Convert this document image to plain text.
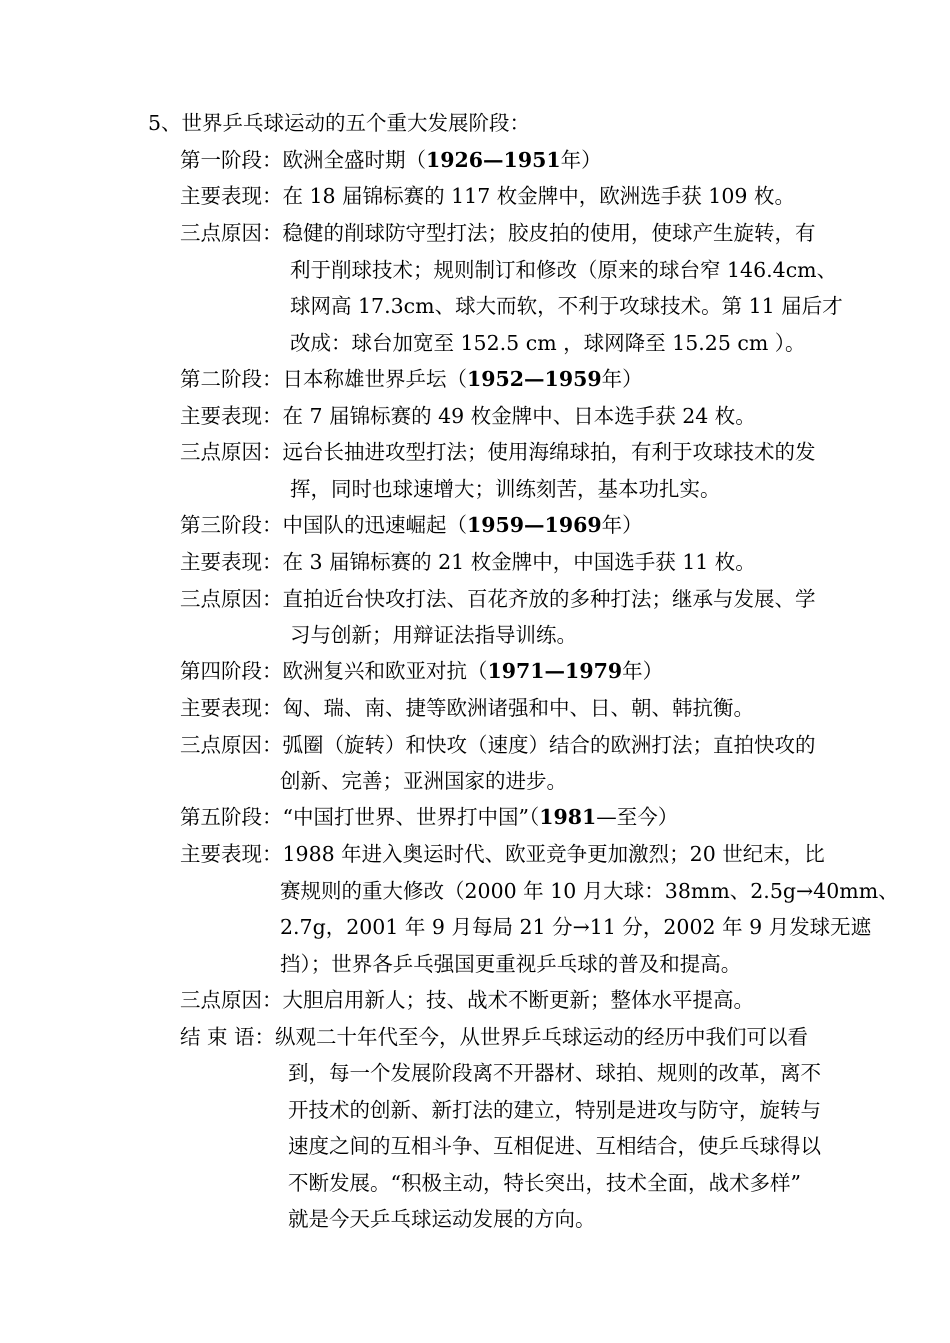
5、世界乒乓球运动的五个重大发展阶段：
第一阶段：欧洲全盛时期（1926—1951年）
主要表现：在 18 届锦标赛的 117 枚金牌中，欧洲选手获 109 枚。
三点原因：稳健的削球防守型打法；胶皮拍的使用，使球产生旋转，有
利于削球技术；规则制订和修改（原来的球台窄 146.4cm、
球网高 17.3cm、球大而软，不利于攻球技术。第 11 届后才
改成：球台加宽至 152.5 cm ，球网降至 15.25 cm ）。
第二阶段：日本称雄世界乒坛（1952—1959年）
主要表现：在 7 届锦标赛的 49 枚金牌中、日本选手获 24 枚。
三点原因：远台长抽进攻型打法；使用海绵球拍，有利于攻球技术的发
挥，同时也球速增大；训练刻苦，基本功扎实。
第三阶段：中国队的迅速崛起（1959—1969年）
主要表现：在 3 届锦标赛的 21 枚金牌中，中国选手获 11 枚。
三点原因：直拍近台快攻打法、百花齐放的多种打法；继承与发展、学
习与创新；用辩证法指导训练。
第四阶段：欧洲复兴和欧亚对抗（1971—1979年）
主要表现：匈、瑞、南、捷等欧洲诸强和中、日、朝、韩抗衡。
三点原因：弧圈（旋转）和快攻（速度）结合的欧洲打法；直拍快攻的
创新、完善；亚洲国家的进步。
第五阶段：“中国打世界、世界打中国”（1981—至今）
主要表现：1988 年进入奥运时代、欧亚竞争更加激烈；20 世纪末，比
赛规则的重大修改（2000 年 10 月大球：38mm、2.5g→40mm、
2.7g，2001 年 9 月每局 21 分→11 分，2002 年 9 月发球无遮
挡）；世界各乒乓强国更重视乒乓球的普及和提高。
三点原因：大胆启用新人；技、战术不断更新；整体水平提高。
结 束 语：纵观二十年代至今，从世界乒乓球运动的经历中我们可以看
到，每一个发展阶段离不开器材、球拍、规则的改革，离不
开技术的创新、新打法的建立，特别是进攻与防守，旋转与
速度之间的互相斗争、互相促进、互相结合，使乒乓球得以
不断发展。“积极主动，特长突出，技术全面，战术多样”
就是今天乒乓球运动发展的方向。
